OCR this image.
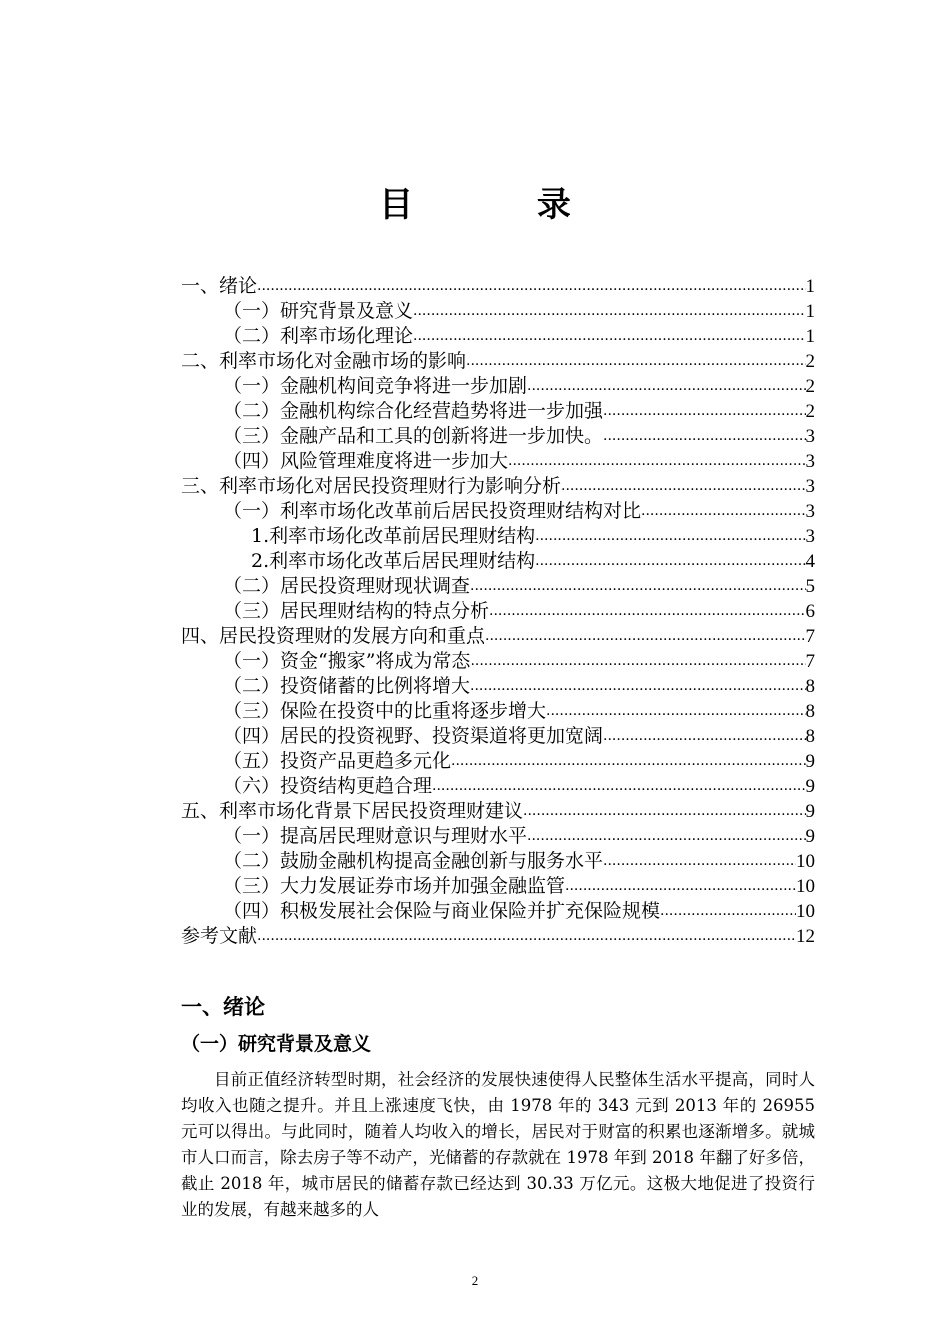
目 录
一、绪论 .....	1
（一）研究背景及意义 .....	1
（二）利率市场化理论 .....	1
二、利率市场化对金融市场的影响 .....	2
（一）金融机构间竞争将进一步加剧 .....	2
（二）金融机构综合化经营趋势将进一步加强 .....	2
（三）金融产品和工具的创新将进一步加快。 .....	3
（四）风险管理难度将进一步加大 .....	3
三、利率市场化对居民投资理财行为影响分析 .....	3
（一）利率市场化改革前后居民投资理财结构对比 .....	3
1.利率市场化改革前居民理财结构 .....	3
2.利率市场化改革后居民理财结构 .....	4
（二）居民投资理财现状调查 .....	5
（三）居民理财结构的特点分析 .....	6
四、居民投资理财的发展方向和重点 .....	7
（一）资金“搬家”将成为常态 .....	7
（二）投资储蓄的比例将增大 .....	8
（三）保险在投资中的比重将逐步增大 .....	8
（四）居民的投资视野、投资渠道将更加宽阔 .....	8
（五）投资产品更趋多元化 .....	9
（六）投资结构更趋合理 .....	9
五、利率市场化背景下居民投资理财建议 .....	9
（一）提高居民理财意识与理财水平 .....	9
（二）鼓励金融机构提高金融创新与服务水平 .....	10
（三）大力发展证券市场并加强金融监管 .....	10
（四）积极发展社会保险与商业保险并扩充保险规模 .....	10
参考文献 .....	12
一、绪论
（一）研究背景及意义
目前正值经济转型时期，社会经济的发展快速使得人民整体生活水平提高，同时人均收入也随之提升。并且上涨速度飞快，由 1978 年的 343 元到 2013 年的 26955 元可以得出。与此同时，随着人均收入的增长，居民对于财富的积累也逐渐增多。就城市人口而言，除去房子等不动产，光储蓄的存款就在 1978 年到 2018 年翻了好多倍，截止 2018 年，城市居民的储蓄存款已经达到 30.33 万亿元。这极大地促进了投资行业的发展，有越来越多的人
2
